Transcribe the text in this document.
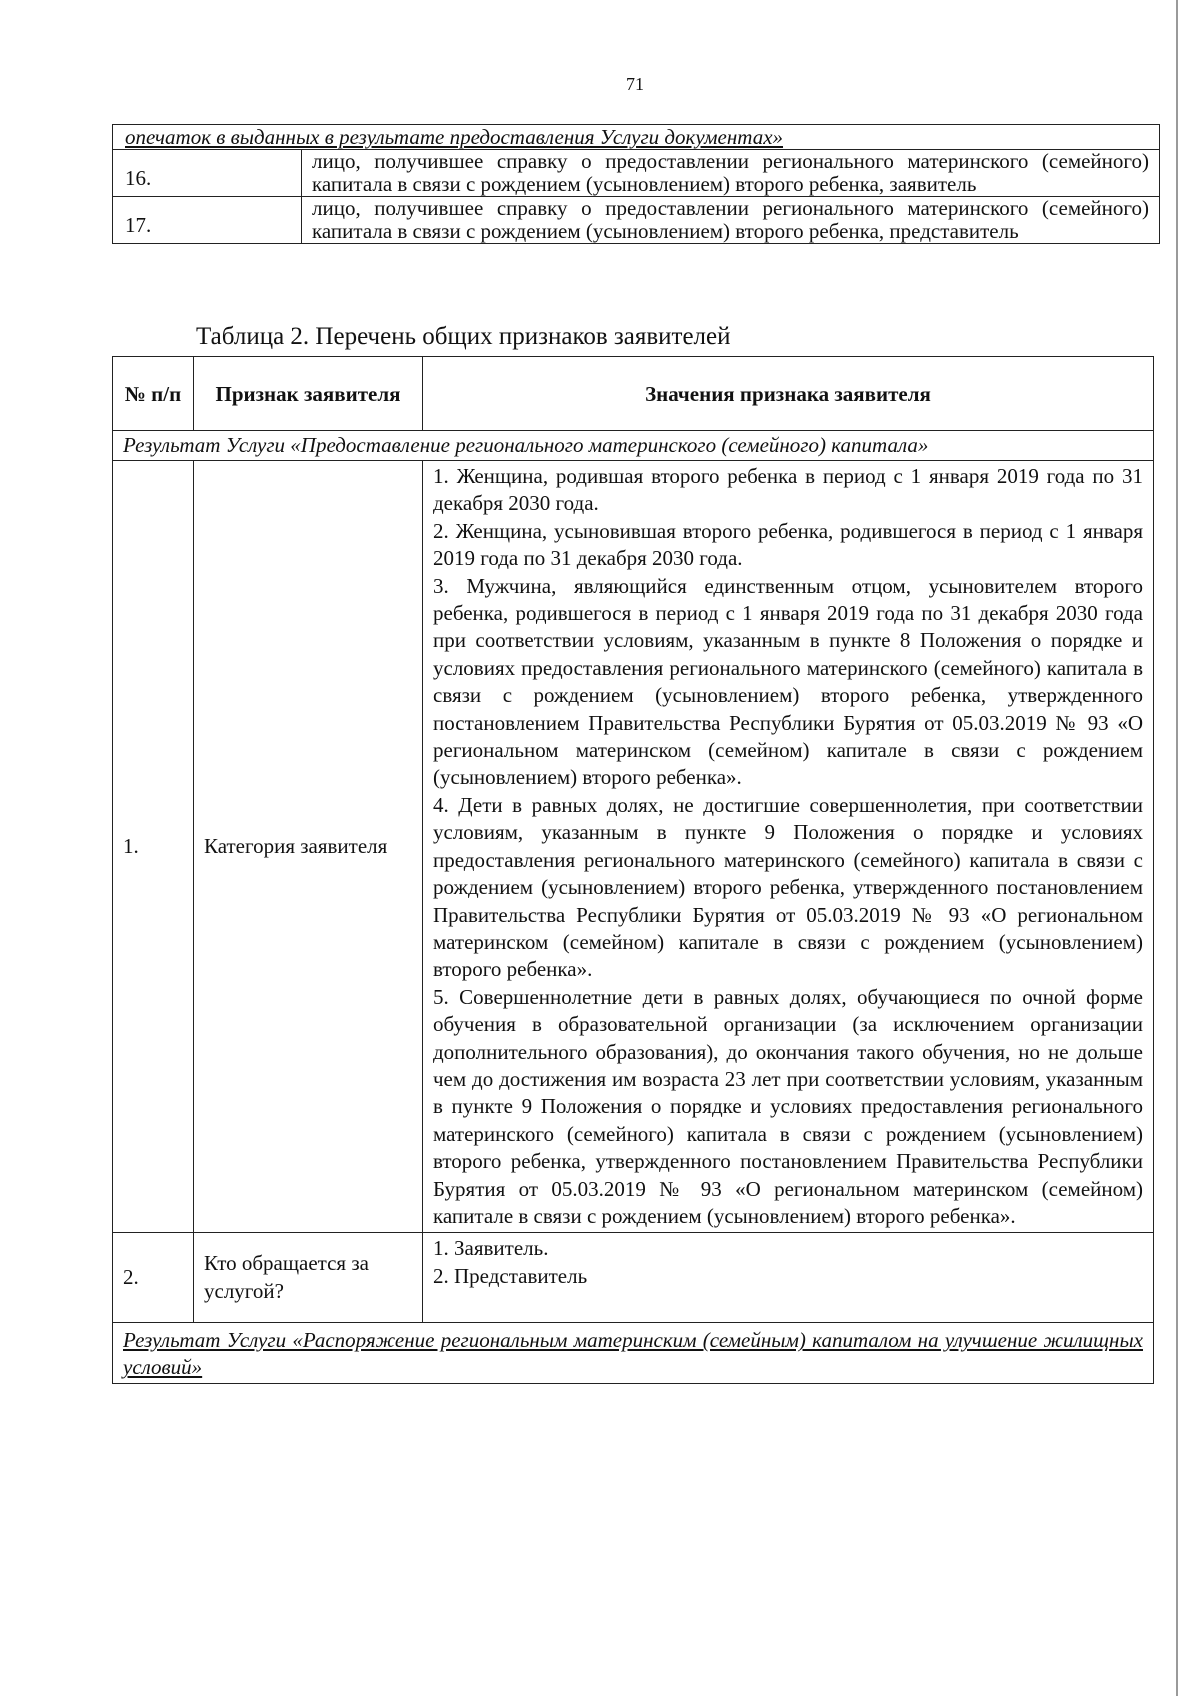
71
опечаток в выданных в результате предоставления Услуги документах»	
16.	лицо, получившее справку о предоставлении регионального материнского (семейного) капитала в связи с рождением (усыновлением) второго ребенка, заявитель
17.	лицо, получившее справку о предоставлении регионального материнского (семейного) капитала в связи с рождением (усыновлением) второго ребенка, представитель
Таблица 2. Перечень общих признаков заявителей
№ п/п	Признак заявителя	Значения признака заявителя
Результат Услуги «Предоставление регионального материнского (семейного) капитала»		
1.	Категория заявителя	1. Женщина, родившая второго ребенка в период с 1 января 2019 года по 31 декабря 2030 года.

2. Женщина, усыновившая второго ребенка, родившегося в период с 1 января 2019 года по 31 декабря 2030 года.

3. Мужчина, являющийся единственным отцом, усыновителем второго ребенка, родившегося в период с 1 января 2019 года по 31 декабря 2030 года при соответствии условиям, указанным в пункте 8 Положения о порядке и условиях предоставления регионального материнского (семейного) капитала в связи с рождением (усыновлением) второго ребенка, утвержденного постановлением Правительства Республики Бурятия от 05.03.2019 № 93 «О региональном материнском (семейном) капитале в связи с рождением (усыновлением) второго ребенка».

4. Дети в равных долях, не достигшие совершеннолетия, при соответствии условиям, указанным в пункте 9 Положения о порядке и условиях предоставления регионального материнского (семейного) капитала в связи с рождением (усыновлением) второго ребенка, утвержденного постановлением Правительства Республики Бурятия от 05.03.2019 № 93 «О региональном материнском (семейном) капитале в связи с рождением (усыновлением) второго ребенка».

5. Совершеннолетние дети в равных долях, обучающиеся по очной форме обучения в образовательной организации (за исключением организации дополнительного образования), до окончания такого обучения, но не дольше чем до достижения им возраста 23 лет при соответствии условиям, указанным в пункте 9 Положения о порядке и условиях предоставления регионального материнского (семейного) капитала в связи с рождением (усыновлением) второго ребенка, утвержденного постановлением Правительства Республики Бурятия от 05.03.2019 № 93 «О региональном материнском (семейном) капитале в связи с рождением (усыновлением) второго ребенка».

2.	Кто обращается за услугой?	1. Заявитель.

2. Представитель

Результат Услуги «Распоряжение региональным материнским (семейным) капиталом на улучшение жилищных условий»		
